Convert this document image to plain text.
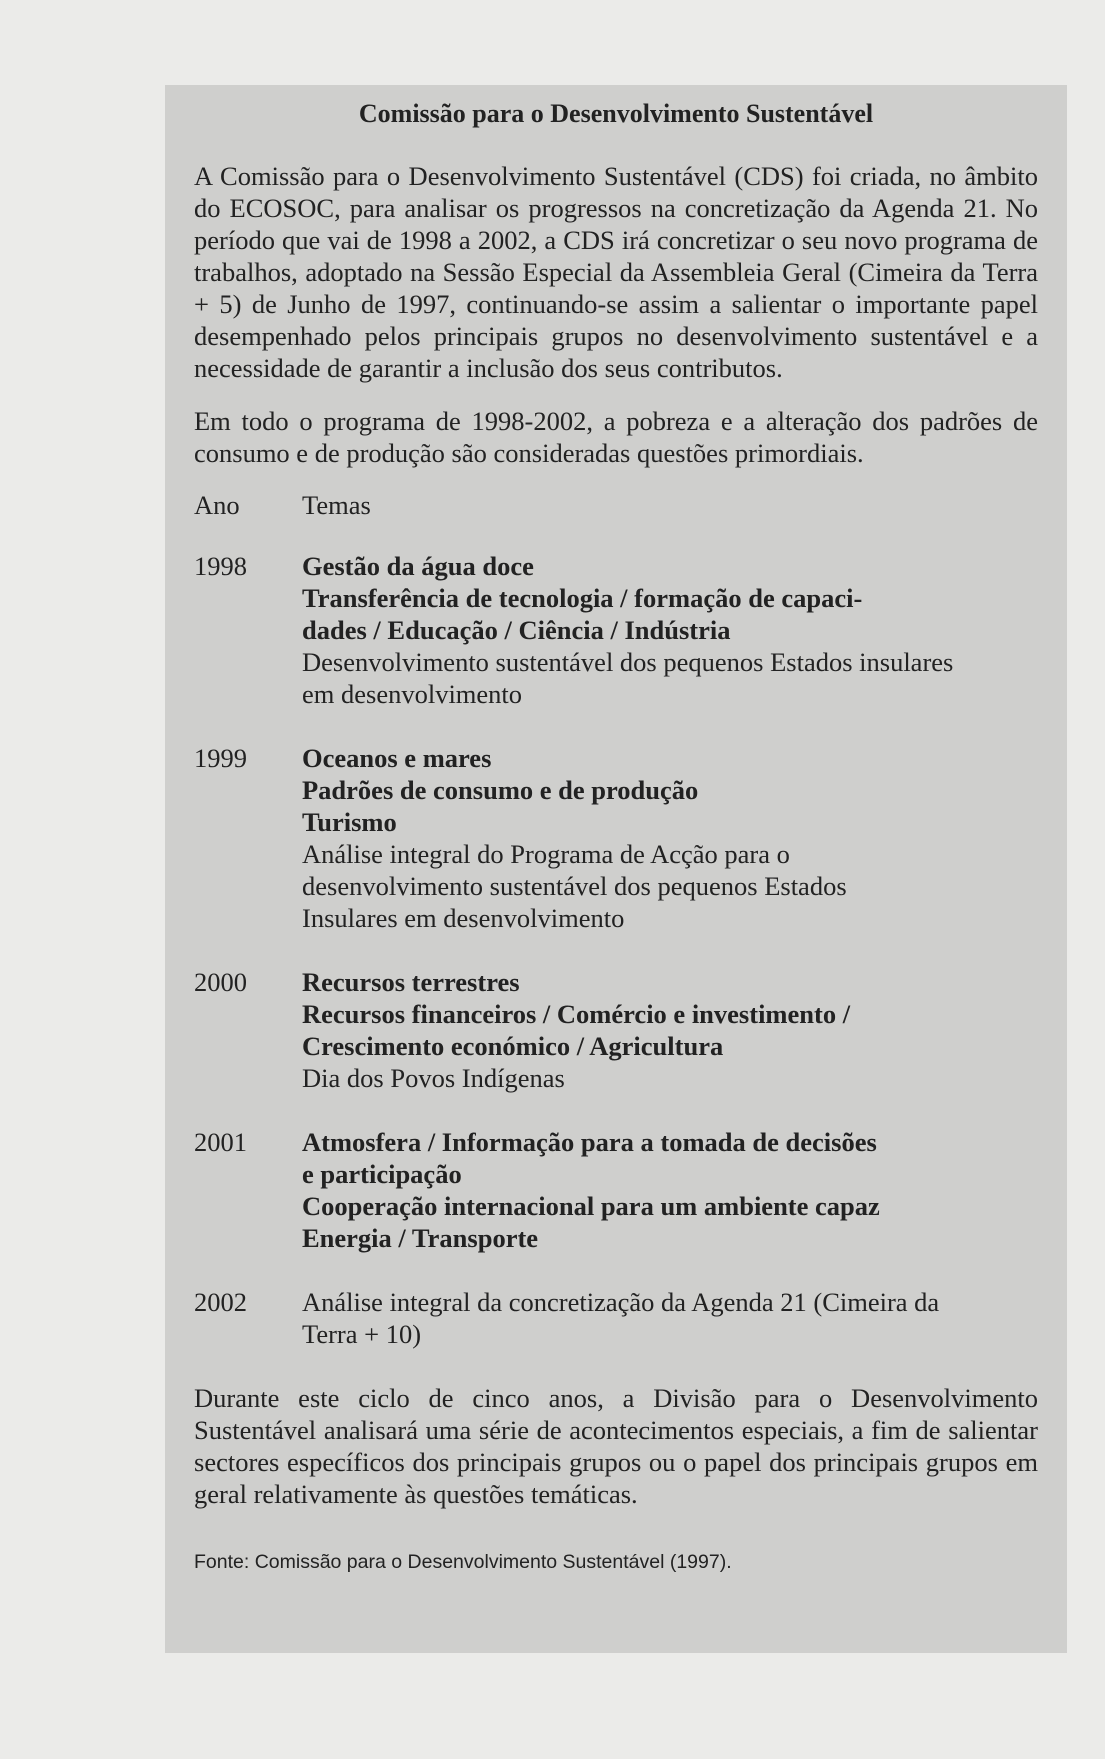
Comissão para o Desenvolvimento Sustentável

A Comissão para o Desenvolvimento Sustentável (CDS) foi criada, no âmbito do ECOSOC, para analisar os progressos na concretização da Agenda 21. No período que vai de 1998 a 2002, a CDS irá concretizar o seu novo programa de trabalhos, adoptado na Sessão Especial da Assembleia Geral (Cimeira da Terra + 5) de Junho de 1997, continuando-se assim a salientar o importante papel desempenhado pelos principais grupos no desenvolvimento sustentável e a necessidade de garantir a inclusão dos seus contributos.

Em todo o programa de 1998-2002, a pobreza e a alteração dos padrões de consumo e de produção são consideradas questões primordiais.

Ano	Temas
1998	Gestão da água doce
Transferência de tecnologia / formação de capaci-
dades / Educação / Ciência / Indústria
Desenvolvimento sustentável dos pequenos Estados insulares
em desenvolvimento
1999	Oceanos e mares
Padrões de consumo e de produção
Turismo
Análise integral do Programa de Acção para o
desenvolvimento sustentável dos pequenos Estados
Insulares em desenvolvimento
2000	Recursos terrestres
Recursos financeiros / Comércio e investimento /
Crescimento económico / Agricultura
Dia dos Povos Indígenas
2001	Atmosfera / Informação para a tomada de decisões
e participação
Cooperação internacional para um ambiente capaz
Energia / Transporte
2002	Análise integral da concretização da Agenda 21 (Cimeira da
Terra + 10)

Durante este ciclo de cinco anos, a Divisão para o Desenvolvimento Sustentável analisará uma série de acontecimentos especiais, a fim de salientar sectores específicos dos principais grupos ou o papel dos principais grupos em geral relativamente às questões temáticas.

Fonte: Comissão para o Desenvolvimento Sustentável (1997).
